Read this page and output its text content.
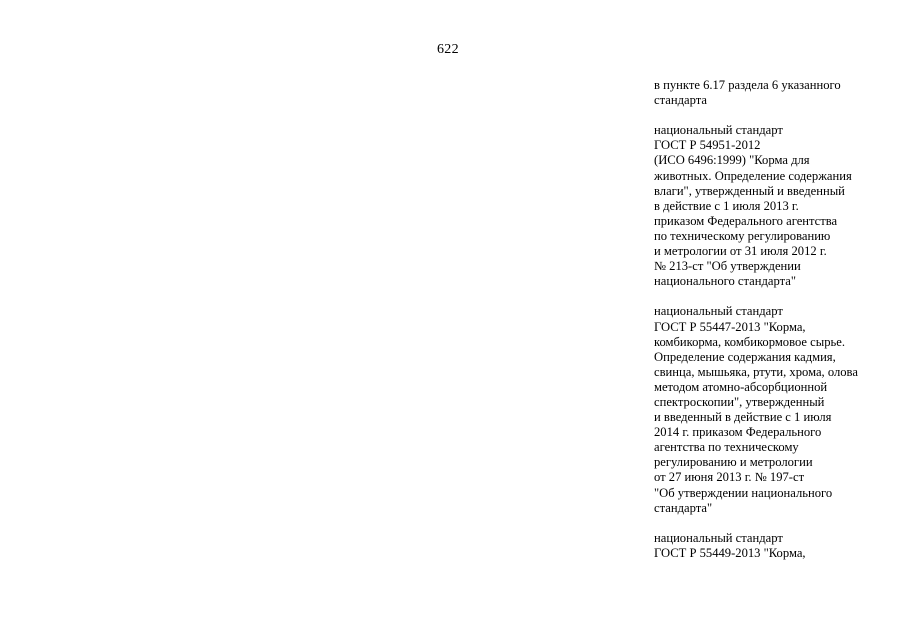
622
в пункте 6.17 раздела 6 указанного
стандарта
национальный стандарт
ГОСТ Р 54951-2012
(ИСО 6496:1999) "Корма для
животных. Определение содержания
влаги", утвержденный и введенный
в действие с 1 июля 2013 г.
приказом Федерального агентства
по техническому регулированию
и метрологии от 31 июля 2012 г.
№ 213-ст "Об утверждении
национального стандарта"
национальный стандарт
ГОСТ Р 55447-2013 "Корма,
комбикорма, комбикормовое сырье.
Определение содержания кадмия,
свинца, мышьяка, ртути, хрома, олова
методом атомно-абсорбционной
спектроскопии", утвержденный
и введенный в действие с 1 июля
2014 г. приказом Федерального
агентства по техническому
регулированию и метрологии
от 27 июня 2013 г. № 197-ст
"Об утверждении национального
стандарта"
национальный стандарт
ГОСТ Р 55449-2013 "Корма,
